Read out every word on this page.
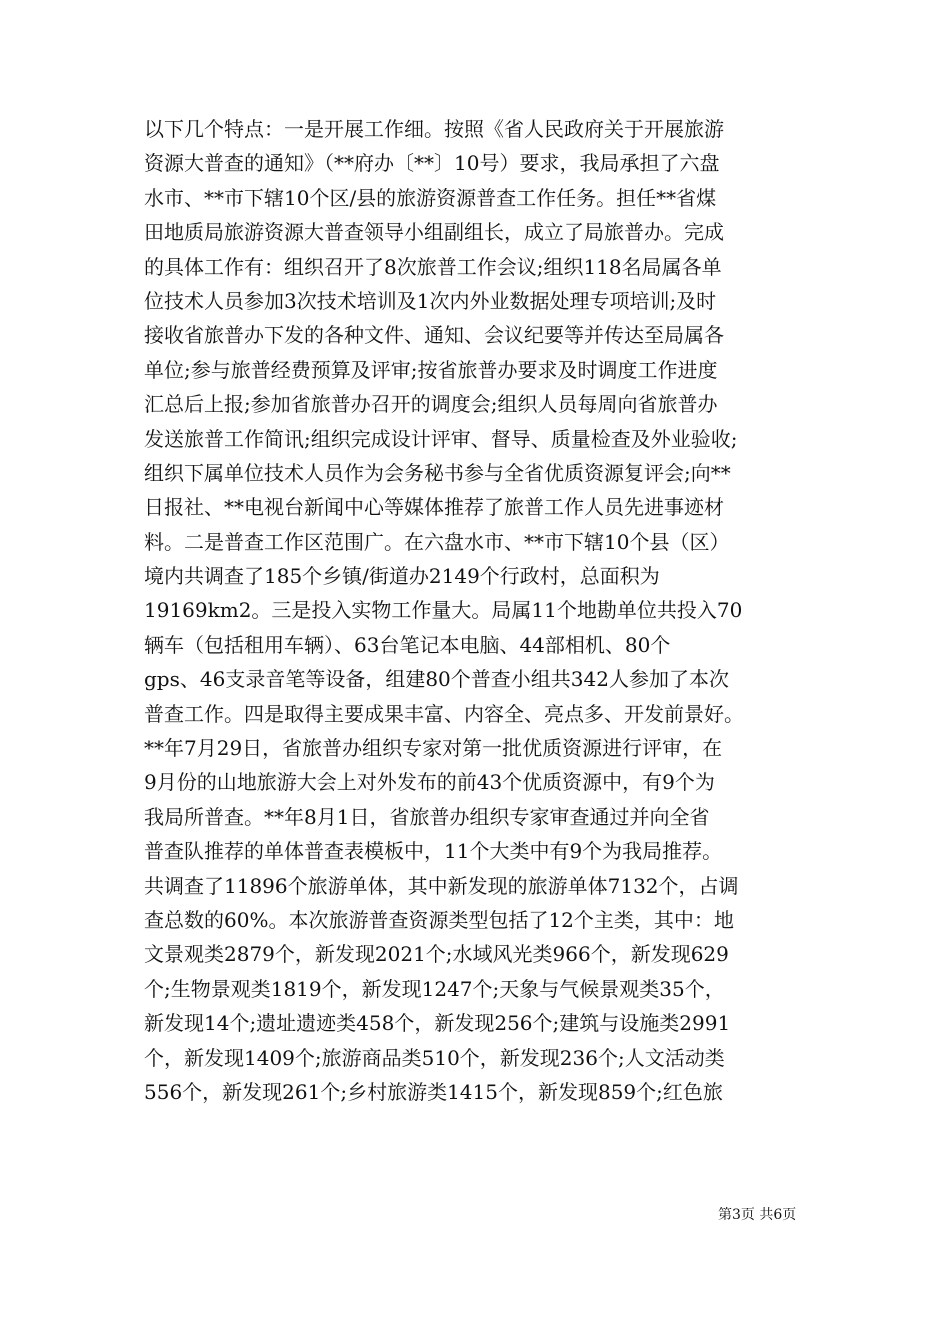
以下几个特点：一是开展工作细。按照《省人民政府关于开展旅游
资源大普查的通知》（**府办〔**〕10号）要求，我局承担了六盘
水市、**市下辖10个区/县的旅游资源普查工作任务。担任**省煤
田地质局旅游资源大普查领导小组副组长，成立了局旅普办。完成
的具体工作有：组织召开了8次旅普工作会议;组织118名局属各单
位技术人员参加3次技术培训及1次内外业数据处理专项培训;及时
接收省旅普办下发的各种文件、通知、会议纪要等并传达至局属各
单位;参与旅普经费预算及评审;按省旅普办要求及时调度工作进度
汇总后上报;参加省旅普办召开的调度会;组织人员每周向省旅普办
发送旅普工作简讯;组织完成设计评审、督导、质量检查及外业验收;
组织下属单位技术人员作为会务秘书参与全省优质资源复评会;向**
日报社、**电视台新闻中心等媒体推荐了旅普工作人员先进事迹材
料。二是普查工作区范围广。在六盘水市、**市下辖10个县（区）
境内共调查了185个乡镇/街道办2149个行政村，总面积为
19169km2。三是投入实物工作量大。局属11个地勘单位共投入70
辆车（包括租用车辆）、63台笔记本电脑、44部相机、80个
gps、46支录音笔等设备，组建80个普查小组共342人参加了本次
普查工作。四是取得主要成果丰富、内容全、亮点多、开发前景好。
**年7月29日，省旅普办组织专家对第一批优质资源进行评审，在
9月份的山地旅游大会上对外发布的前43个优质资源中，有9个为
我局所普查。**年8月1日，省旅普办组织专家审查通过并向全省
普查队推荐的单体普查表模板中，11个大类中有9个为我局推荐。
共调查了11896个旅游单体，其中新发现的旅游单体7132个，占调
查总数的60%。本次旅游普查资源类型包括了12个主类，其中：地
文景观类2879个，新发现2021个;水域风光类966个，新发现629
个;生物景观类1819个，新发现1247个;天象与气候景观类35个，
新发现14个;遗址遗迹类458个，新发现256个;建筑与设施类2991
个，新发现1409个;旅游商品类510个，新发现236个;人文活动类
556个，新发现261个;乡村旅游类1415个，新发现859个;红色旅
第3页 共6页
